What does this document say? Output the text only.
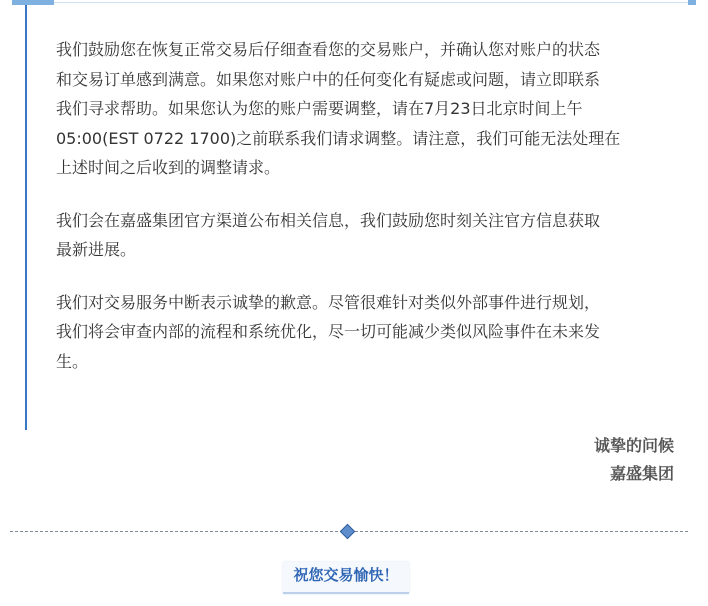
我们鼓励您在恢复正常交易后仔细查看您的交易账户，并确认您对账户的状态
和交易订单感到满意。如果您对账户中的任何变化有疑虑或问题，请立即联系
我们寻求帮助。如果您认为您的账户需要调整，请在7月23日北京时间上午
05:00(EST 0722 1700)之前联系我们请求调整。请注意，我们可能无法处理在
上述时间之后收到的调整请求。

我们会在嘉盛集团官方渠道公布相关信息，我们鼓励您时刻关注官方信息获取
最新进展。

我们对交易服务中断表示诚挚的歉意。尽管很难针对类似外部事件进行规划，
我们将会审查内部的流程和系统优化，尽一切可能减少类似风险事件在未来发
生。

诚挚的问候
嘉盛集团
祝您交易愉快！
